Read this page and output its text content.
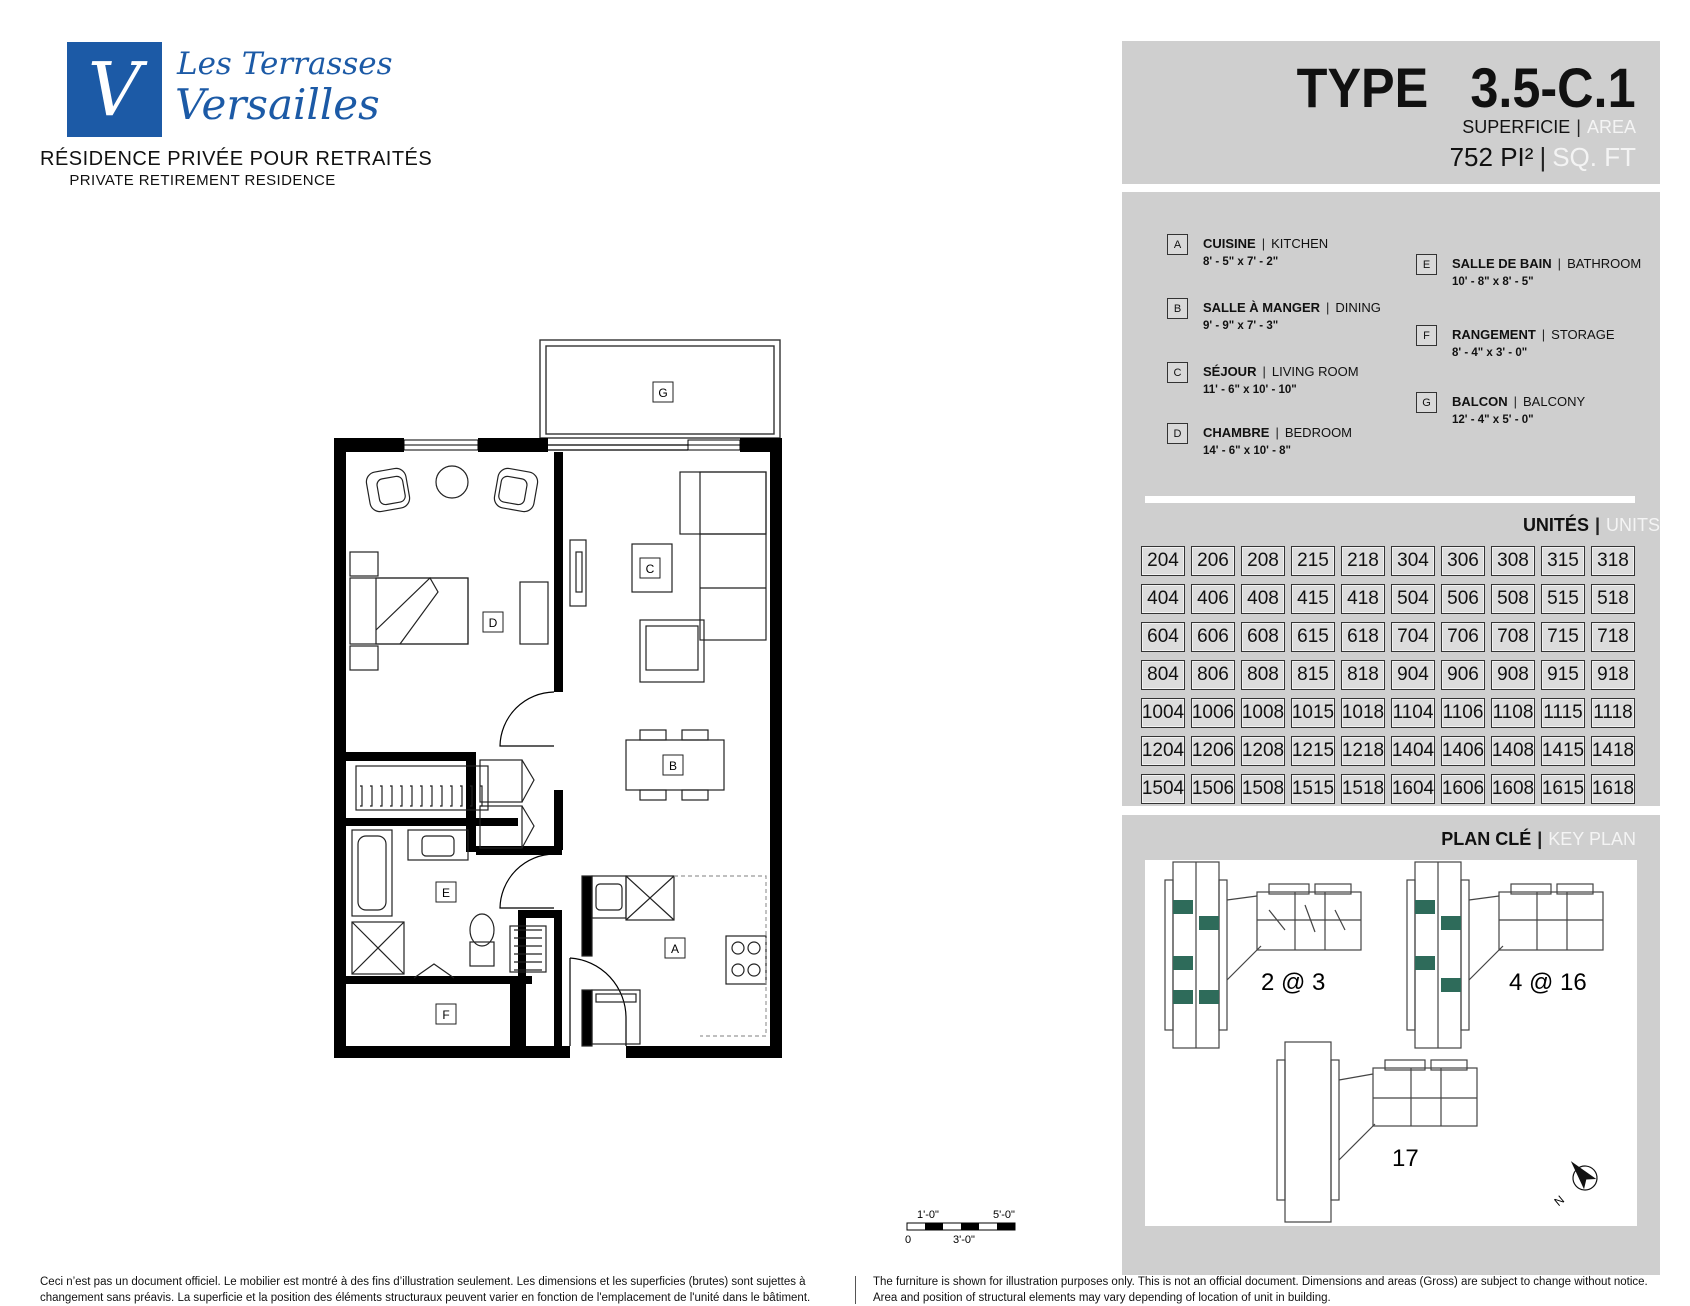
V	Les Terrasses
Versailles
RÉSIDENCE PRIVÉE POUR RETRAITÉS
PRIVATE RETIREMENT RESIDENCE
TYPE 3.5-C.1
SUPERFICIE | AREA
752 PI² | SQ. FT
A	CUISINE | KITCHEN
8' - 5" x 7' - 2"
B	SALLE À MANGER | DINING
9' - 9" x 7' - 3"
C	SÉJOUR | LIVING ROOM
11' - 6" x 10' - 10"
D	CHAMBRE | BEDROOM
14' - 6" x 10' - 8"
E	SALLE DE BAIN | BATHROOM
10' - 8" x 8' - 5"
F	RANGEMENT | STORAGE
8' - 4" x 3' - 0"
G	BALCON | BALCONY
12' - 4" x 5' - 0"
UNITÉS | UNITS
204 206 208 215 218 304 306 308 315 318
404 406 408 415 418 504 506 508 515 518
604 606 608 615 618 704 706 708 715 718
804 806 808 815 818 904 906 908 915 918
1004 1006 1008 1015 1018 1104 1106 1108 1115 1118
1204 1206 1208 1215 1218 1404 1406 1408 1415 1418
1504 1506 1508 1515 1518 1604 1606 1608 1615 1618
PLAN CLÉ | KEY PLAN
2 @ 3	4 @ 16
17
N
G
C
D
B
E
A
F
1'-0"	5'-0"
0	3'-0"
Ceci n’est pas un document officiel. Le mobilier est montré à des fins d’illustration seulement. Les dimensions et les superficies (brutes) sont sujettes à changement sans préavis. La superficie et la position des éléments structuraux peuvent varier en fonction de l'emplacement de l'unité dans le bâtiment.
The furniture is shown for illustration purposes only. This is not an official document. Dimensions and areas (Gross) are subject to change without notice. Area and position of structural elements may vary depending of location of unit in building.
